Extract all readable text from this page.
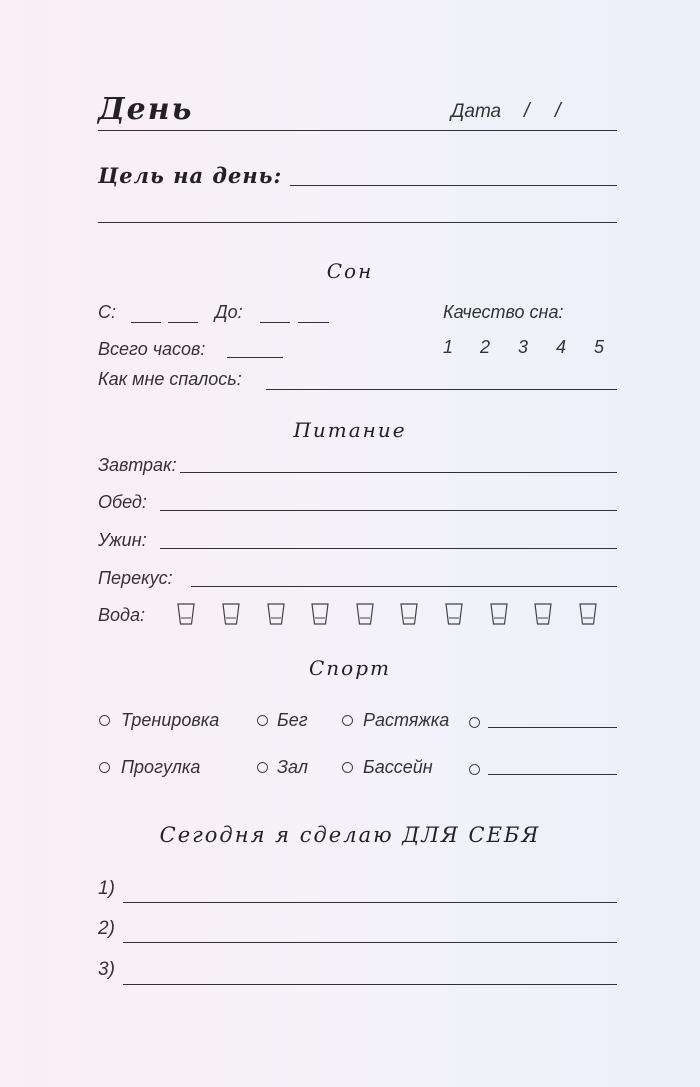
День	Дата / /
Цель на день:
Сон
С:	До:	Качество сна:
Всего часов:	1 2 3 4 5
Как мне спалось:
Питание
Завтрак:
Обед:
Ужин:
Перекус:
Вода:
Спорт
Тренировка	Бег	Растяжка
Прогулка	Зал	Бассейн
Сегодня я сделаю ДЛЯ СЕБЯ
1)
2)
3)
